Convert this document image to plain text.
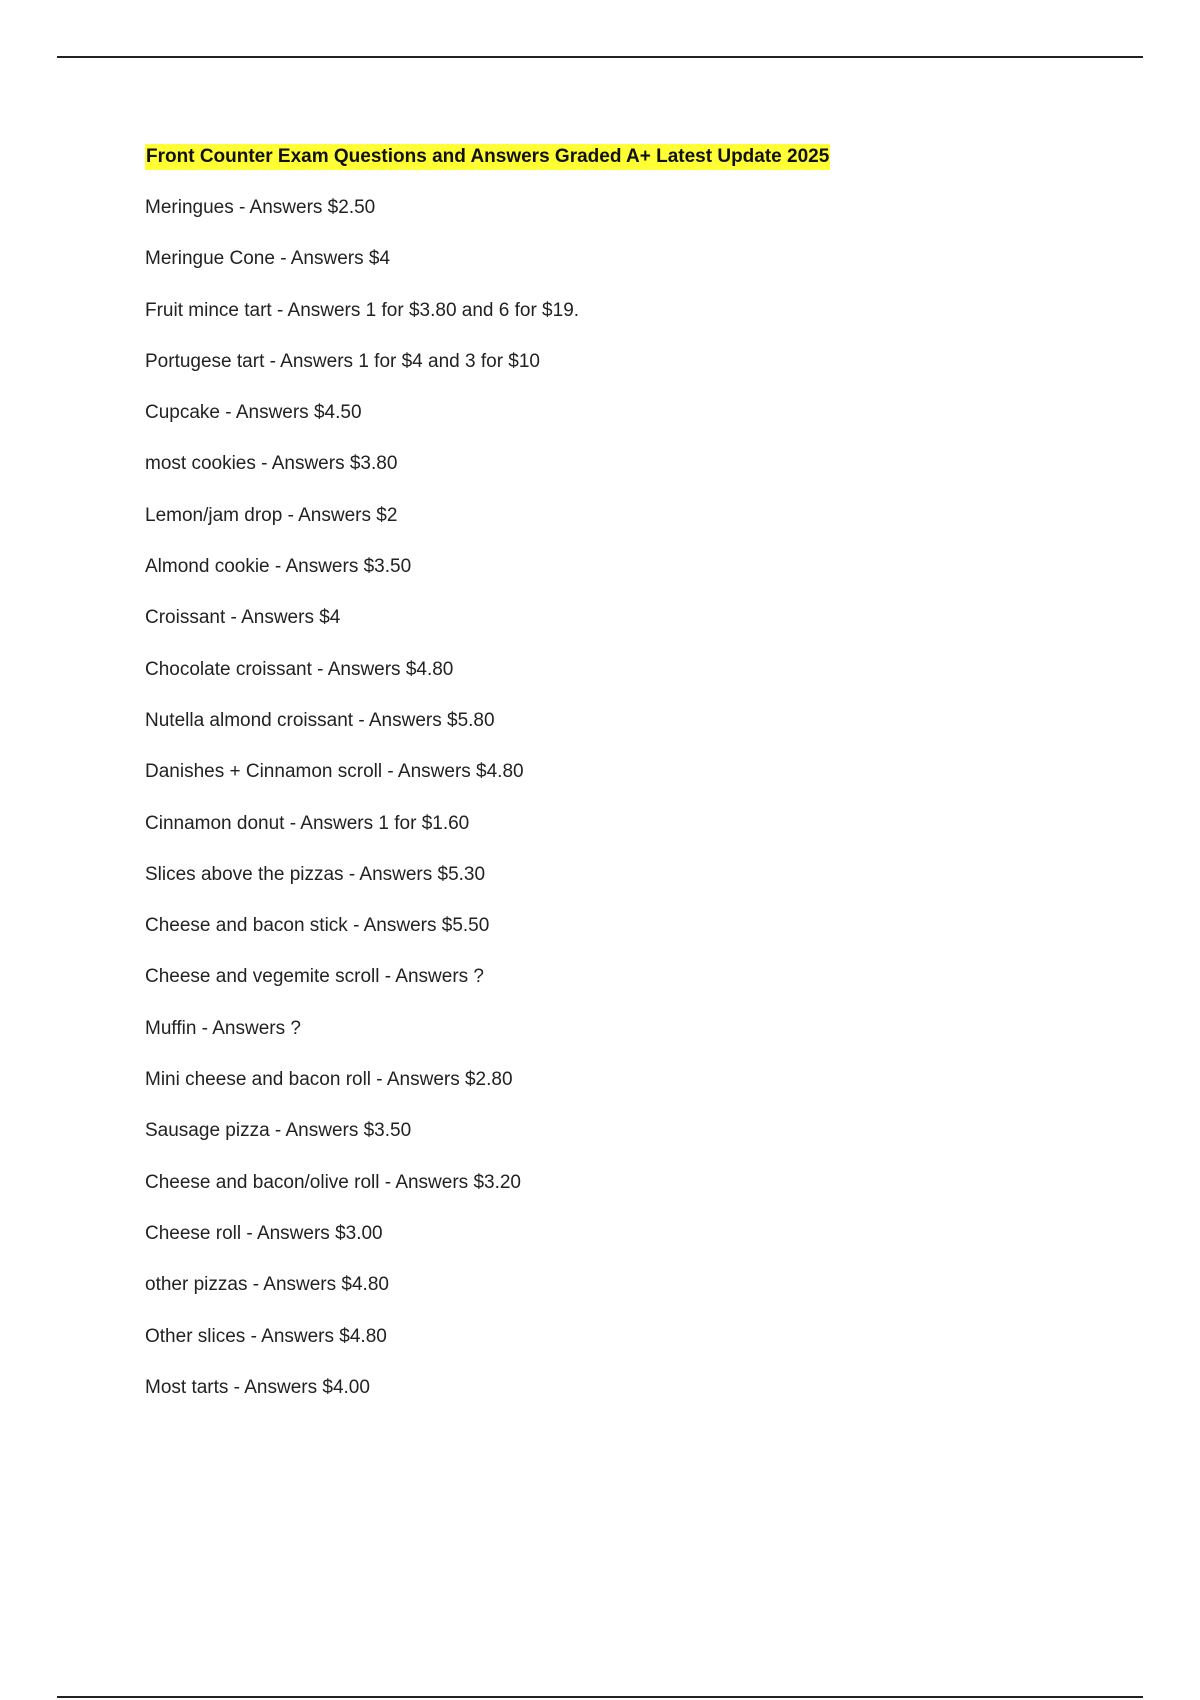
Front Counter Exam Questions and Answers Graded A+ Latest Update 2025
Meringues - Answers $2.50
Meringue Cone - Answers $4
Fruit mince tart - Answers 1 for $3.80 and 6 for $19.
Portugese tart - Answers 1 for $4 and 3 for $10
Cupcake - Answers $4.50
most cookies - Answers $3.80
Lemon/jam drop - Answers $2
Almond cookie - Answers $3.50
Croissant - Answers $4
Chocolate croissant - Answers $4.80
Nutella almond croissant - Answers $5.80
Danishes + Cinnamon scroll - Answers $4.80
Cinnamon donut - Answers 1 for $1.60
Slices above the pizzas - Answers $5.30
Cheese and bacon stick - Answers $5.50
Cheese and vegemite scroll - Answers ?
Muffin - Answers ?
Mini cheese and bacon roll - Answers $2.80
Sausage pizza - Answers $3.50
Cheese and bacon/olive roll - Answers $3.20
Cheese roll - Answers $3.00
other pizzas - Answers $4.80
Other slices - Answers $4.80
Most tarts - Answers $4.00
